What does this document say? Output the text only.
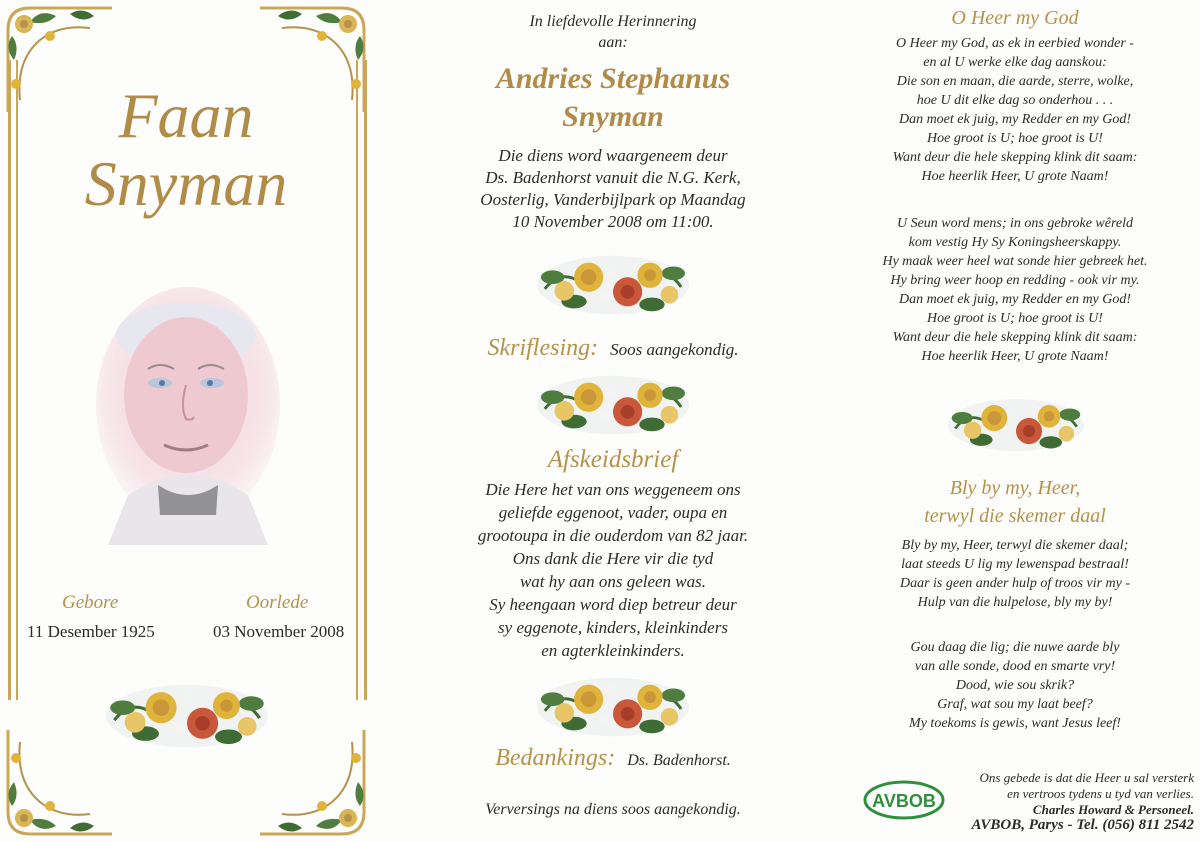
Faan
Snyman
Gebore
11 Desember 1925
Oorlede
03 November 2008
In liefdevolle Herinnering
aan:
Andries Stephanus
Snyman
Die diens word waargeneem deur
Ds. Badenhorst vanuit die N.G. Kerk,
Oosterlig, Vanderbijlpark op Maandag
10 November 2008 om 11:00.
Skriflesing: Soos aangekondig.
Afskeidsbrief
Die Here het van ons weggeneem ons
geliefde eggenoot, vader, oupa en
grootoupa in die ouderdom van 82 jaar.
Ons dank die Here vir die tyd
wat hy aan ons geleen was.
Sy heengaan word diep betreur deur
sy eggenote, kinders, kleinkinders
en agterkleinkinders.
Bedankings: Ds. Badenhorst.
Verversings na diens soos aangekondig.
O Heer my God
O Heer my God, as ek in eerbied wonder -
en al U werke elke dag aanskou:
Die son en maan, die aarde, sterre, wolke,
hoe U dit elke dag so onderhou . . .
Dan moet ek juig, my Redder en my God!
Hoe groot is U; hoe groot is U!
Want deur die hele skepping klink dit saam:
Hoe heerlik Heer, U grote Naam!
U Seun word mens; in ons gebroke wêreld
kom vestig Hy Sy Koningsheerskappy.
Hy maak weer heel wat sonde hier gebreek het.
Hy bring weer hoop en redding - ook vir my.
Dan moet ek juig, my Redder en my God!
Hoe groot is U; hoe groot is U!
Want deur die hele skepping klink dit saam:
Hoe heerlik Heer, U grote Naam!
Bly by my, Heer,
terwyl die skemer daal
Bly by my, Heer, terwyl die skemer daal;
laat steeds U lig my lewenspad bestraal!
Daar is geen ander hulp of troos vir my -
Hulp van die hulpelose, bly my by!
Gou daag die lig; die nuwe aarde bly
van alle sonde, dood en smarte vry!
Dood, wie sou skrik?
Graf, wat sou my laat beef?
My toekoms is gewis, want Jesus leef!
AVBOB
Ons gebede is dat die Heer u sal versterk
en vertroos tydens u tyd van verlies.
Charles Howard & Personeel.
AVBOB, Parys - Tel. (056) 811 2542
